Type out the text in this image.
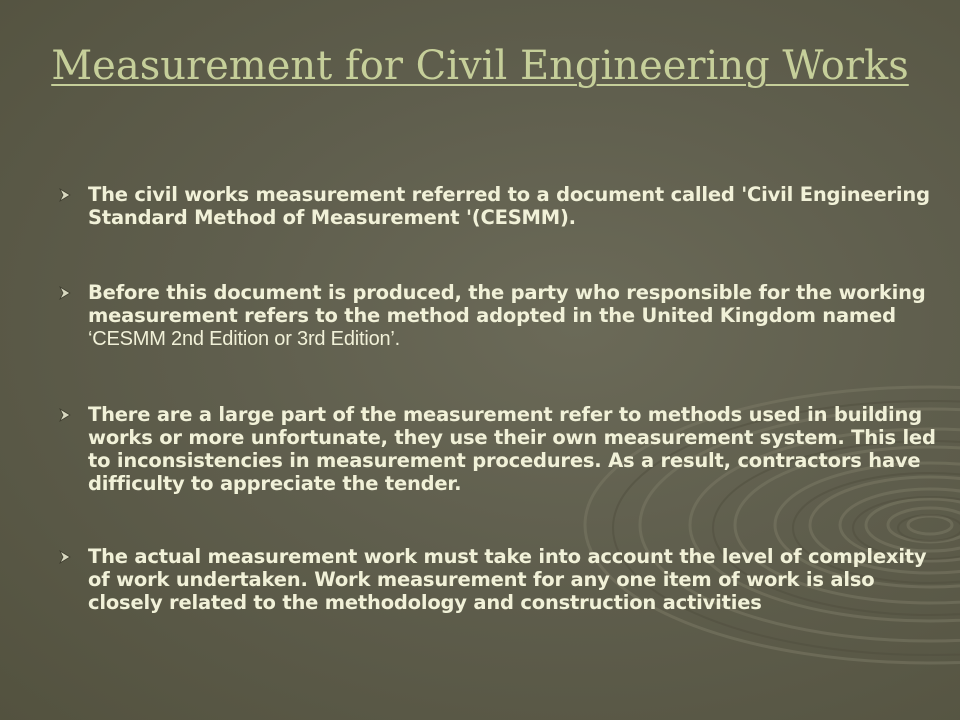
Measurement for Civil Engineering Works
The civil works measurement referred to a document called 'Civil Engineering Standard Method of Measurement '(CESMM).
Before this document is produced, the party who responsible for the working measurement refers to the method adopted in the United Kingdom named ‘CESMM 2nd Edition or 3rd Edition’.
There are a large part of the measurement refer to methods used in building works or more unfortunate, they use their own measurement system. This led to inconsistencies in measurement procedures. As a result, contractors have difficulty to appreciate the tender.
The actual measurement work must take into account the level of complexity of work undertaken. Work measurement for any one item of work is also closely related to the methodology and construction activities
